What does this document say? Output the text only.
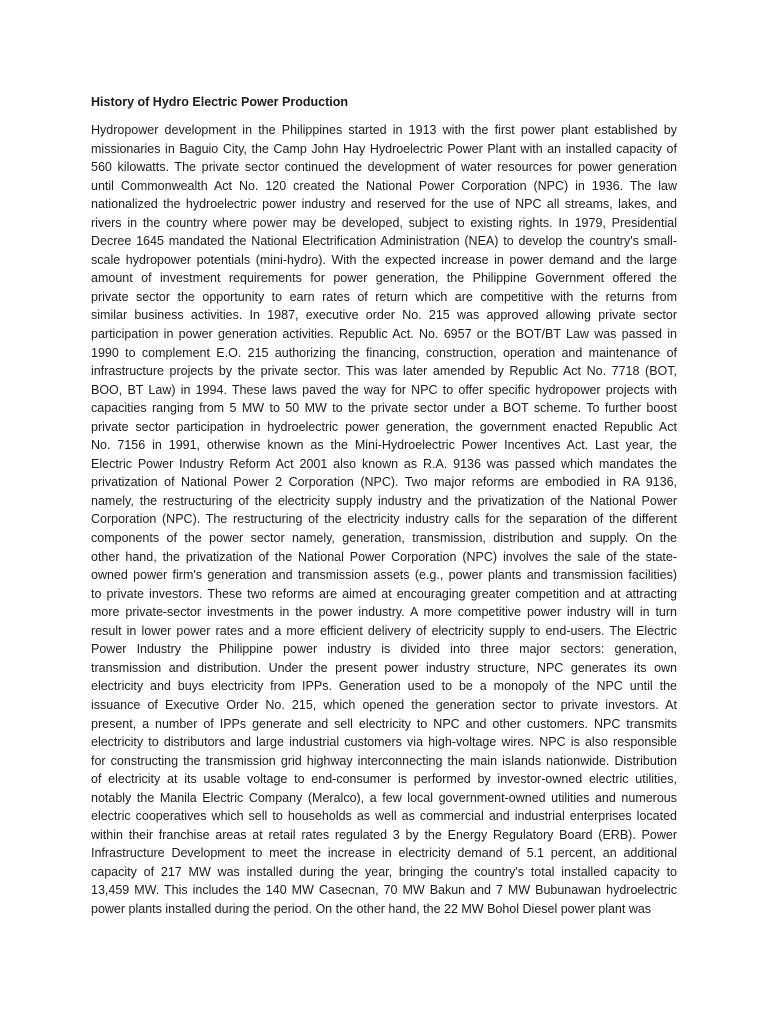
History of Hydro Electric Power Production
Hydropower development in the Philippines started in 1913 with the first power plant established by
missionaries in Baguio City, the Camp John Hay Hydroelectric Power Plant with an installed capacity of
560 kilowatts. The private sector continued the development of water resources for power generation
until Commonwealth Act No. 120 created the National Power Corporation (NPC) in 1936. The law
nationalized the hydroelectric power industry and reserved for the use of NPC all streams, lakes, and
rivers in the country where power may be developed, subject to existing rights. In 1979, Presidential
Decree 1645 mandated the National Electrification Administration (NEA) to develop the country's small-
scale hydropower potentials (mini-hydro). With the expected increase in power demand and the large
amount of investment requirements for power generation, the Philippine Government offered the
private sector the opportunity to earn rates of return which are competitive with the returns from
similar business activities. In 1987, executive order No. 215 was approved allowing private sector
participation in power generation activities. Republic Act. No. 6957 or the BOT/BT Law was passed in
1990 to complement E.O. 215 authorizing the financing, construction, operation and maintenance of
infrastructure projects by the private sector. This was later amended by Republic Act No. 7718 (BOT,
BOO, BT Law) in 1994. These laws paved the way for NPC to offer specific hydropower projects with
capacities ranging from 5 MW to 50 MW to the private sector under a BOT scheme. To further boost
private sector participation in hydroelectric power generation, the government enacted Republic Act
No. 7156 in 1991, otherwise known as the Mini-Hydroelectric Power Incentives Act. Last year, the
Electric Power Industry Reform Act 2001 also known as R.A. 9136 was passed which mandates the
privatization of National Power 2 Corporation (NPC). Two major reforms are embodied in RA 9136,
namely, the restructuring of the electricity supply industry and the privatization of the National Power
Corporation (NPC). The restructuring of the electricity industry calls for the separation of the different
components of the power sector namely, generation, transmission, distribution and supply. On the
other hand, the privatization of the National Power Corporation (NPC) involves the sale of the state-
owned power firm's generation and transmission assets (e.g., power plants and transmission facilities)
to private investors. These two reforms are aimed at encouraging greater competition and at attracting
more private-sector investments in the power industry. A more competitive power industry will in turn
result in lower power rates and a more efficient delivery of electricity supply to end-users. The Electric
Power Industry the Philippine power industry is divided into three major sectors: generation,
transmission and distribution. Under the present power industry structure, NPC generates its own
electricity and buys electricity from IPPs. Generation used to be a monopoly of the NPC until the
issuance of Executive Order No. 215, which opened the generation sector to private investors. At
present, a number of IPPs generate and sell electricity to NPC and other customers. NPC transmits
electricity to distributors and large industrial customers via high-voltage wires. NPC is also responsible
for constructing the transmission grid highway interconnecting the main islands nationwide. Distribution
of electricity at its usable voltage to end-consumer is performed by investor-owned electric utilities,
notably the Manila Electric Company (Meralco), a few local government-owned utilities and numerous
electric cooperatives which sell to households as well as commercial and industrial enterprises located
within their franchise areas at retail rates regulated 3 by the Energy Regulatory Board (ERB). Power
Infrastructure Development to meet the increase in electricity demand of 5.1 percent, an additional
capacity of 217 MW was installed during the year, bringing the country's total installed capacity to
13,459 MW. This includes the 140 MW Casecnan, 70 MW Bakun and 7 MW Bubunawan hydroelectric
power plants installed during the period. On the other hand, the 22 MW Bohol Diesel power plant was
